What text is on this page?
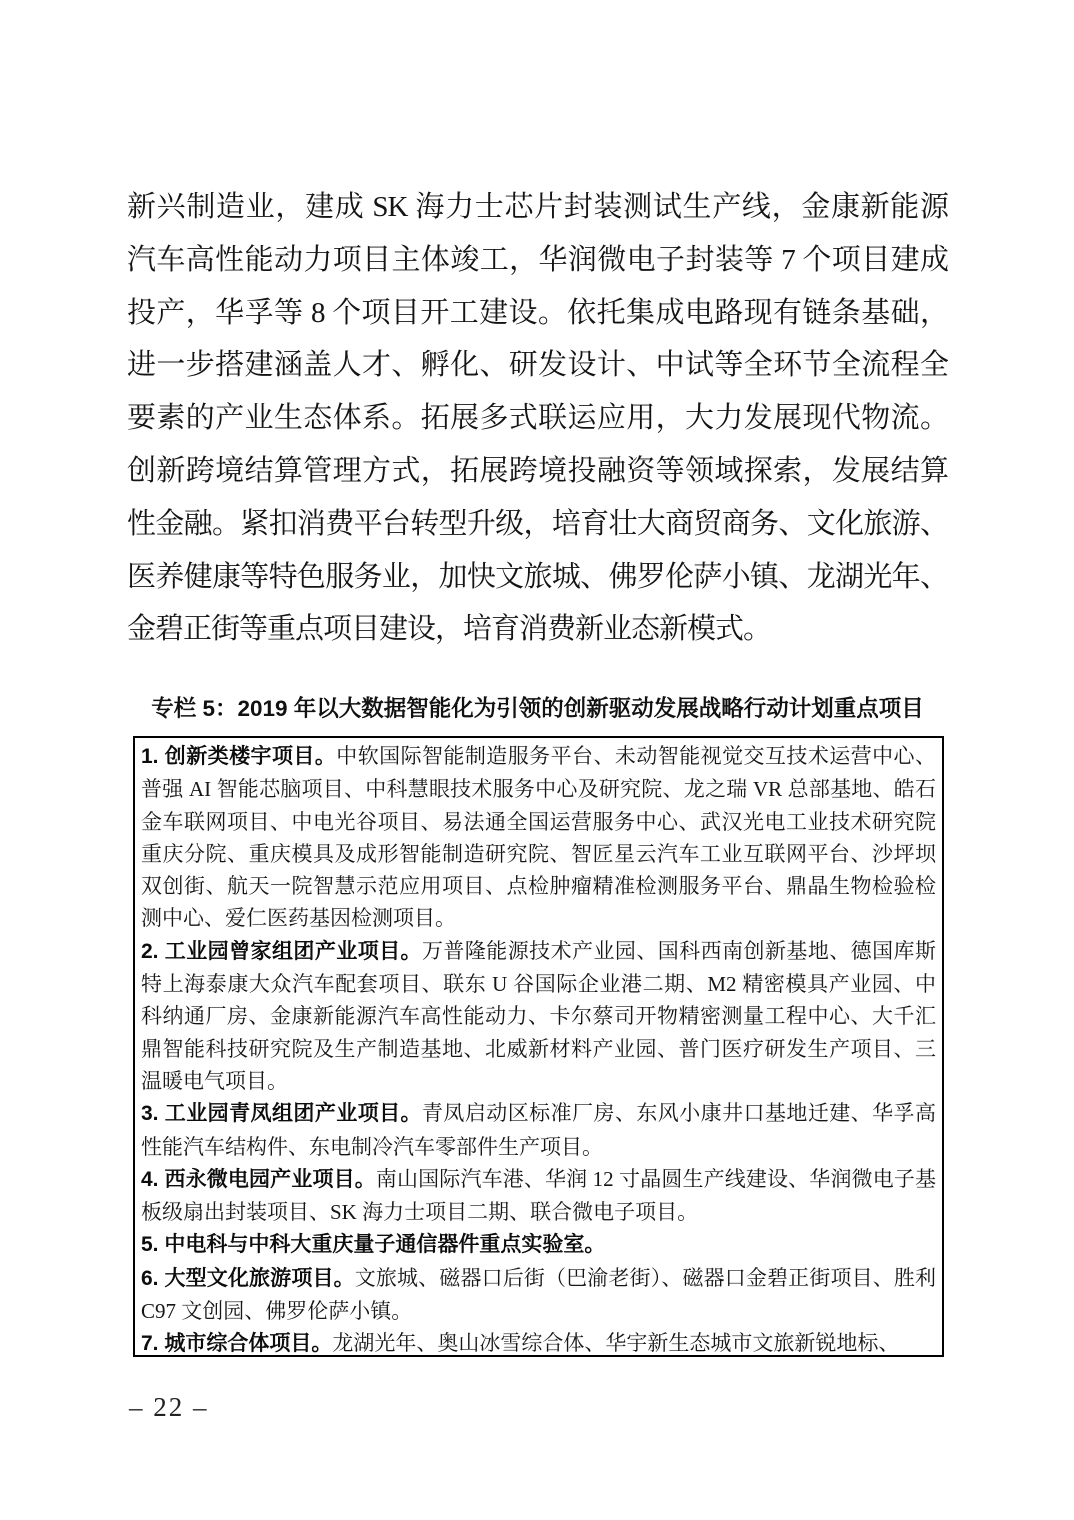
新兴制造业，建成 SK 海力士芯片封装测试生产线，金康新能源
汽车高性能动力项目主体竣工，华润微电子封装等 7 个项目建成
投产，华孚等 8 个项目开工建设。依托集成电路现有链条基础，
进一步搭建涵盖人才、孵化、研发设计、中试等全环节全流程全
要素的产业生态体系。拓展多式联运应用，大力发展现代物流。
创新跨境结算管理方式，拓展跨境投融资等领域探索，发展结算
性金融。紧扣消费平台转型升级，培育壮大商贸商务、文化旅游、
医养健康等特色服务业，加快文旅城、佛罗伦萨小镇、龙湖光年、
金碧正街等重点项目建设，培育消费新业态新模式。
专栏 5：2019 年以大数据智能化为引领的创新驱动发展战略行动计划重点项目

1. 创新类楼宇项目。中软国际智能制造服务平台、未动智能视觉交互技术运营中心、普强 AI 智能芯脑项目、中科慧眼技术服务中心及研究院、龙之瑞 VR 总部基地、皓石金车联网项目、中电光谷项目、易法通全国运营服务中心、武汉光电工业技术研究院重庆分院、重庆模具及成形智能制造研究院、智匠星云汽车工业互联网平台、沙坪坝双创街、航天一院智慧示范应用项目、点检肿瘤精准检测服务平台、鼎晶生物检验检测中心、爱仁医药基因检测项目。

2. 工业园曾家组团产业项目。万普隆能源技术产业园、国科西南创新基地、德国库斯特上海泰康大众汽车配套项目、联东 U 谷国际企业港二期、M2 精密模具产业园、中科纳通厂房、金康新能源汽车高性能动力、卡尔蔡司开物精密测量工程中心、大千汇鼎智能科技研究院及生产制造基地、北威新材料产业园、普门医疗研发生产项目、三温暖电气项目。

3. 工业园青凤组团产业项目。青凤启动区标准厂房、东风小康井口基地迁建、华孚高性能汽车结构件、东电制冷汽车零部件生产项目。

4. 西永微电园产业项目。南山国际汽车港、华润 12 寸晶圆生产线建设、华润微电子基板级扇出封装项目、SK 海力士项目二期、联合微电子项目。

5. 中电科与中科大重庆量子通信器件重点实验室。

6. 大型文化旅游项目。文旅城、磁器口后街（巴渝老街）、磁器口金碧正街项目、胜利 C97 文创园、佛罗伦萨小镇。

7. 城市综合体项目。龙湖光年、奥山冰雪综合体、华宇新生态城市文旅新锐地标、

– 22 –
